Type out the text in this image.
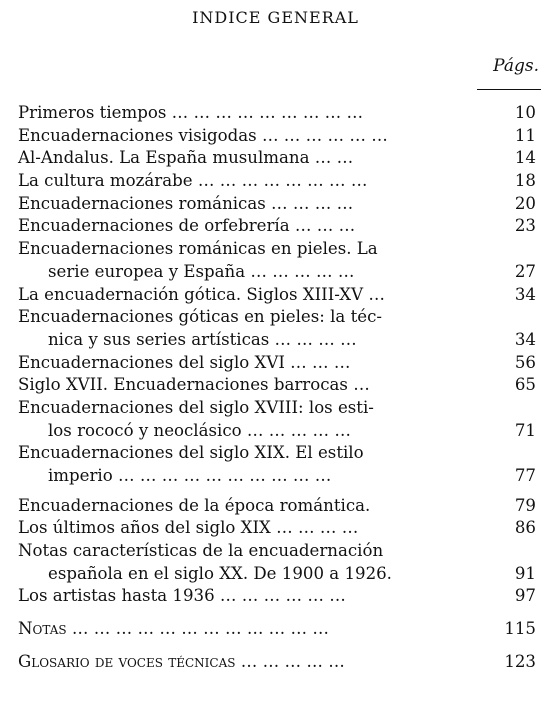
INDICE GENERAL
Págs.
Primeros tiempos … … … … … … … … …	10
Encuadernaciones visigodas … … … … … …	11
Al-Andalus. La España musulmana … …	14
La cultura mozárabe … … … … … … … …	18
Encuadernaciones románicas … … … …	20
Encuadernaciones de orfebrería … … …	23
Encuadernaciones románicas en pieles. La
serie europea y España … … … … …	27
La encuadernación gótica. Siglos XIII-XV …	34
Encuadernaciones góticas en pieles: la téc-
nica y sus series artísticas … … … …	34
Encuadernaciones del siglo XVI … … …	56
Siglo XVII. Encuadernaciones barrocas …	65
Encuadernaciones del siglo XVIII: los esti-
los rococó y neoclásico … … … … …	71
Encuadernaciones del siglo XIX. El estilo
imperio … … … … … … … … … …	77
Encuadernaciones de la época romántica.	79
Los últimos años del siglo XIX … … … …	86
Notas características de la encuadernación
española en el siglo XX. De 1900 a 1926.	91
Los artistas hasta 1936 … … … … … …	97
Notas … … … … … … … … … … … …	115
Glosario de voces técnicas … … … … …	123
